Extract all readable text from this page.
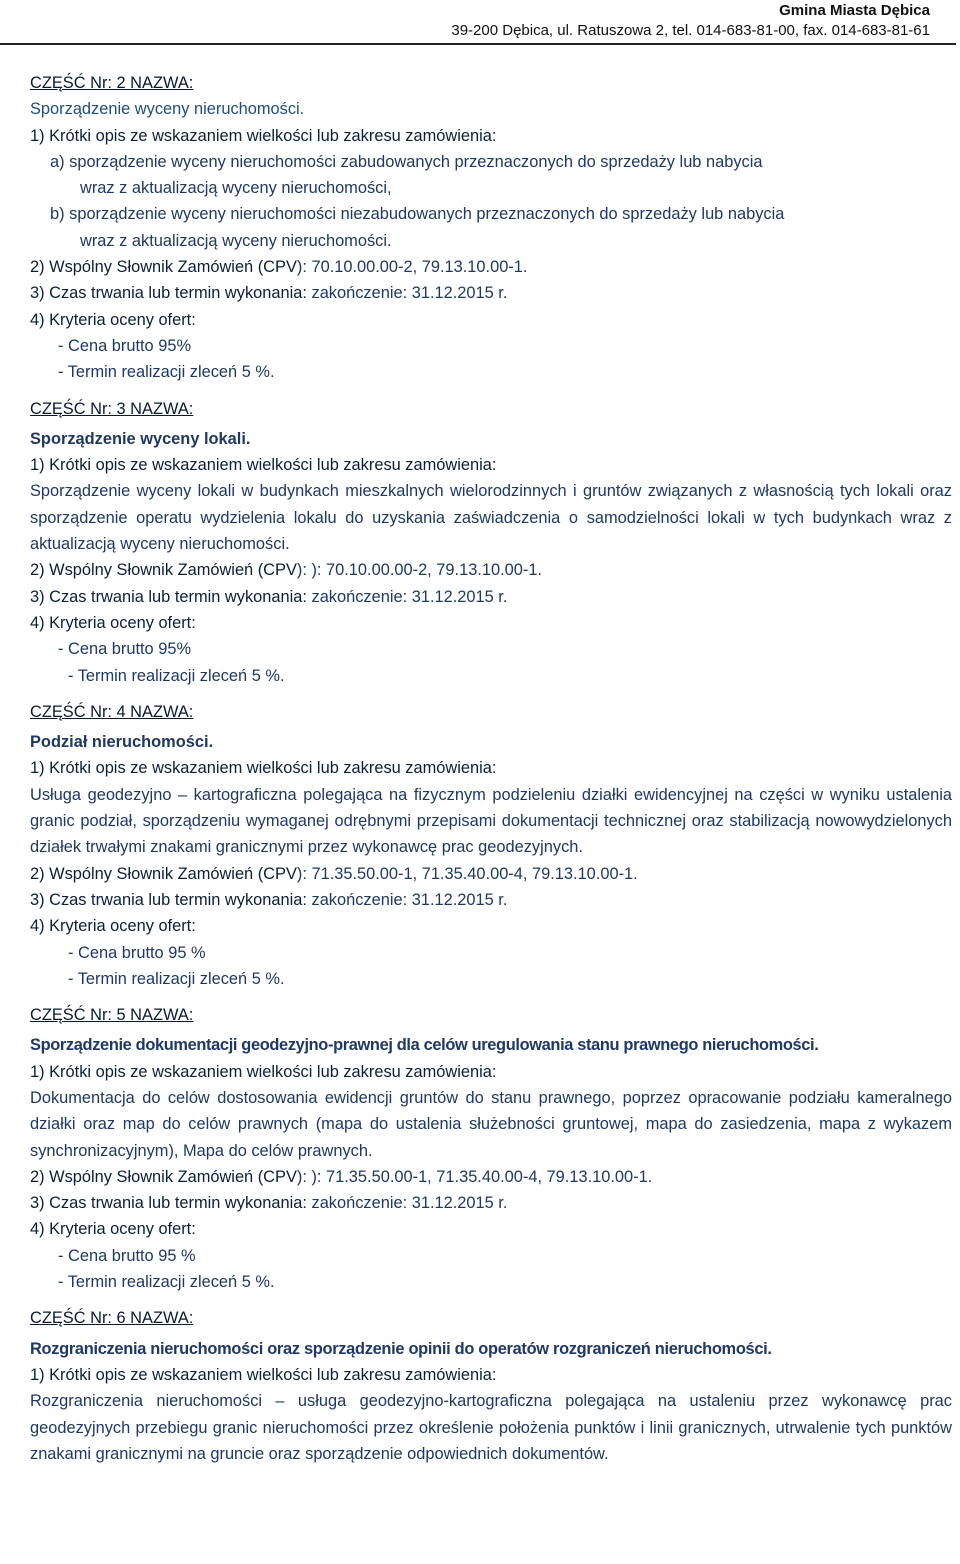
Gmina Miasta Dębica
39-200 Dębica, ul. Ratuszowa 2, tel. 014-683-81-00, fax. 014-683-81-61
CZĘŚĆ Nr: 2 NAZWA:
Sporządzenie wyceny nieruchomości.
1) Krótki opis ze wskazaniem wielkości lub zakresu zamówienia:
a) sporządzenie wyceny nieruchomości zabudowanych przeznaczonych do sprzedaży lub nabycia
wraz z aktualizacją wyceny nieruchomości,
b) sporządzenie wyceny nieruchomości niezabudowanych przeznaczonych do sprzedaży lub nabycia
wraz z aktualizacją wyceny nieruchomości.
2) Wspólny Słownik Zamówień (CPV): 70.10.00.00-2, 79.13.10.00-1.
3) Czas trwania lub termin wykonania: zakończenie: 31.12.2015 r.
4) Kryteria oceny ofert:
- Cena brutto 95%
- Termin realizacji zleceń 5 %.
CZĘŚĆ Nr: 3 NAZWA:
Sporządzenie wyceny lokali.
1) Krótki opis ze wskazaniem wielkości lub zakresu zamówienia:
Sporządzenie wyceny lokali w budynkach mieszkalnych wielorodzinnych i gruntów związanych z własnością tych lokali oraz sporządzenie operatu wydzielenia lokalu do uzyskania zaświadczenia o samodzielności lokali w tych budynkach wraz z aktualizacją wyceny nieruchomości.
2) Wspólny Słownik Zamówień (CPV): ): 70.10.00.00-2, 79.13.10.00-1.
3) Czas trwania lub termin wykonania: zakończenie: 31.12.2015 r.
4) Kryteria oceny ofert:
- Cena brutto 95%
- Termin realizacji zleceń 5 %.
CZĘŚĆ Nr: 4 NAZWA:
Podział nieruchomości.
1) Krótki opis ze wskazaniem wielkości lub zakresu zamówienia:
Usługa geodezyjno – kartograficzna polegająca na fizycznym podzieleniu działki ewidencyjnej na części w wyniku ustalenia granic podział, sporządzeniu wymaganej odrębnymi przepisami dokumentacji technicznej oraz stabilizacją nowowydzielonych działek trwałymi znakami granicznymi przez wykonawcę prac geodezyjnych.
2) Wspólny Słownik Zamówień (CPV): 71.35.50.00-1, 71.35.40.00-4, 79.13.10.00-1.
3) Czas trwania lub termin wykonania: zakończenie: 31.12.2015 r.
4) Kryteria oceny ofert:
- Cena brutto 95 %
- Termin realizacji zleceń 5 %.
CZĘŚĆ Nr: 5 NAZWA:
Sporządzenie dokumentacji geodezyjno-prawnej dla celów uregulowania stanu prawnego nieruchomości.
1) Krótki opis ze wskazaniem wielkości lub zakresu zamówienia:
Dokumentacja do celów dostosowania ewidencji gruntów do stanu prawnego, poprzez opracowanie podziału kameralnego działki oraz map do celów prawnych (mapa do ustalenia służebności gruntowej, mapa do zasiedzenia, mapa z wykazem synchronizacyjnym), Mapa do celów prawnych.
2) Wspólny Słownik Zamówień (CPV): ): 71.35.50.00-1, 71.35.40.00-4, 79.13.10.00-1.
3) Czas trwania lub termin wykonania: zakończenie: 31.12.2015 r.
4) Kryteria oceny ofert:
- Cena brutto 95 %
- Termin realizacji zleceń 5 %.
CZĘŚĆ Nr: 6 NAZWA:
Rozgraniczenia nieruchomości oraz sporządzenie opinii do operatów rozgraniczeń nieruchomości.
1) Krótki opis ze wskazaniem wielkości lub zakresu zamówienia:
Rozgraniczenia nieruchomości – usługa geodezyjno-kartograficzna polegająca na ustaleniu przez wykonawcę prac geodezyjnych przebiegu granic nieruchomości przez określenie położenia punktów i linii granicznych, utrwalenie tych punktów znakami granicznymi na gruncie oraz sporządzenie odpowiednich dokumentów.
